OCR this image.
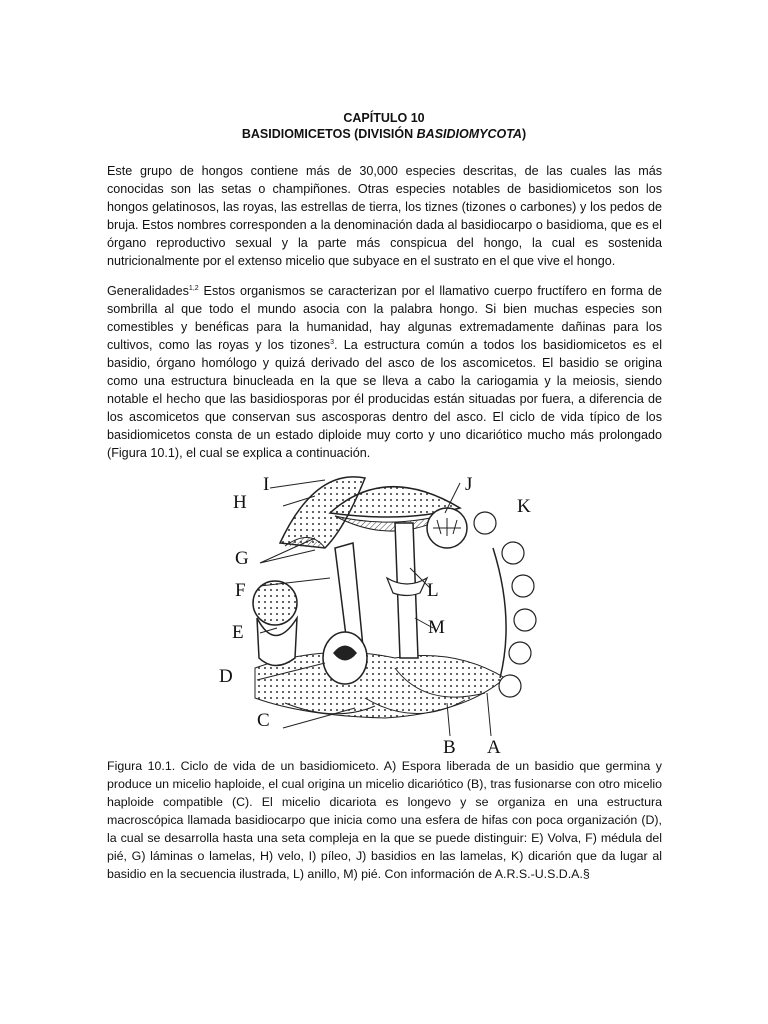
CAPÍTULO 10
BASIDIOMICETOS (DIVISIÓN BASIDIOMYCOTA)
Este grupo de hongos contiene más de 30,000 especies descritas, de las cuales las más conocidas son las setas o champiñones. Otras especies notables de basidiomicetos son los hongos gelatinosos, las royas, las estrellas de tierra, los tiznes (tizones o carbones) y los pedos de bruja. Estos nombres corresponden a la denominación dada al basidiocarpo o basidioma, que es el órgano reproductivo sexual y la parte más conspicua del hongo, la cual es sostenida nutricionalmente por el extenso micelio que subyace en el sustrato en el que vive el hongo.
Generalidades$^{1,2}$ Estos organismos se caracterizan por el llamativo cuerpo fructífero en forma de sombrilla al que todo el mundo asocia con la palabra hongo. Si bien muchas especies son comestibles y benéficas para la humanidad, hay algunas extremadamente dañinas para los cultivos, como las royas y los tizones$^3$. La estructura común a todos los basidiomicetos es el basidio, órgano homólogo y quizá derivado del asco de los ascomicetos. El basidio se origina como una estructura binucleada en la que se lleva a cabo la cariogamia y la meiosis, siendo notable el hecho que las basidiosporas por él producidas están situadas por fuera, a diferencia de los ascomicetos que conservan sus ascosporas dentro del asco. El ciclo de vida típico de los basidiomicetos consta de un estado diploide muy corto y uno dicariótico mucho más prolongado (Figura 10.1), el cual se explica a continuación.
A
B
C
D
E
F
G
H
I	J
K
L
M
Figura 10.1. Ciclo de vida de un basidiomiceto. A) Espora liberada de un basidio que germina y produce un micelio haploide, el cual origina un micelio dicariótico (B), tras fusionarse con otro micelio haploide compatible (C). El micelio dicariota es longevo y se organiza en una estructura macroscópica llamada basidiocarpo que inicia como una esfera de hifas con poca organización (D), la cual se desarrolla hasta una seta compleja en la que se puede distinguir: E) Volva, F) médula del pié, G) láminas o lamelas, H) velo, I) píleo, J) basidios en las lamelas, K) dicarión que da lugar al basidio en la secuencia ilustrada, L) anillo, M) pié. Con información de A.R.S.-U.S.D.A.§
